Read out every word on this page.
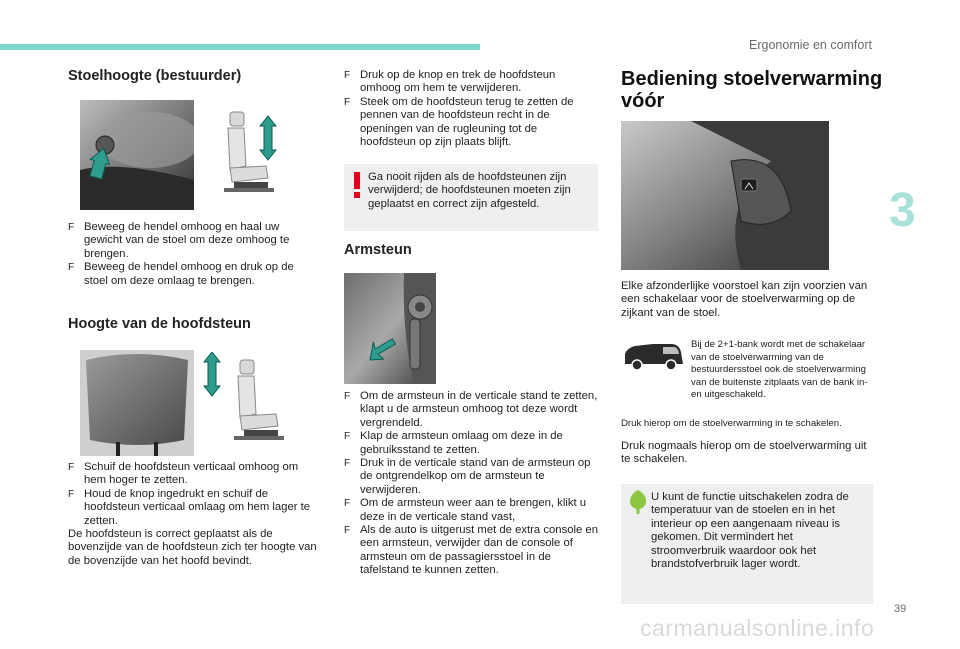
Ergonomie en comfort
3
39
carmanualsonline.info
Stoelhoogte (bestuurder)
F Beweeg de hendel omhoog en haal uw gewicht van de stoel om deze omhoog te brengen.
F Beweeg de hendel omhoog en druk op de stoel om deze omlaag te brengen.
Hoogte van de hoofdsteun
F Schuif de hoofdsteun verticaal omhoog om hem hoger te zetten.
F Houd de knop ingedrukt en schuif de hoofdsteun verticaal omlaag om hem lager te zetten.

De hoofdsteun is correct geplaatst als de bovenzijde van de hoofdsteun zich ter hoogte van de bovenzijde van het hoofd bevindt.

F Druk op de knop en trek de hoofdsteun omhoog om hem te verwijderen.
F Steek om de hoofdsteun terug te zetten de pennen van de hoofdsteun recht in de openingen van de rugleuning tot de hoofdsteun op zijn plaats blijft.
Ga nooit rijden als de hoofdsteunen zijn verwijderd; de hoofdsteunen moeten zijn geplaatst en correct zijn afgesteld.
Armsteun
F Om de armsteun in de verticale stand te zetten, klapt u de armsteun omhoog tot deze wordt vergrendeld.
F Klap de armsteun omlaag om deze in de gebruiksstand te zetten.
F Druk in de verticale stand van de armsteun op de ontgrendelkop om de armsteun te verwijderen.
F Om de armsteun weer aan te brengen, klikt u deze in de verticale stand vast,
F Als de auto is uitgerust met de extra console en een armsteun, verwijder dan de console of armsteun om de passagiersstoel in de tafelstand te kunnen zetten.
Bediening stoelverwarming
vóór
Elke afzonderlijke voorstoel kan zijn voorzien van een schakelaar voor de stoelverwarming op de zijkant van de stoel.
Bij de 2+1-bank wordt met de schakelaar van de stoelverwarming van de bestuurdersstoel ook de stoelverwarming van de buitenste zitplaats van de bank in- en uitgeschakeld.
Druk hierop om de stoelverwarming in te schakelen.
Druk nogmaals hierop om de stoelverwarming uit te schakelen.
U kunt de functie uitschakelen zodra de temperatuur van de stoelen en in het interieur op een aangenaam niveau is gekomen. Dit vermindert het stroomverbruik waardoor ook het brandstofverbruik lager wordt.
